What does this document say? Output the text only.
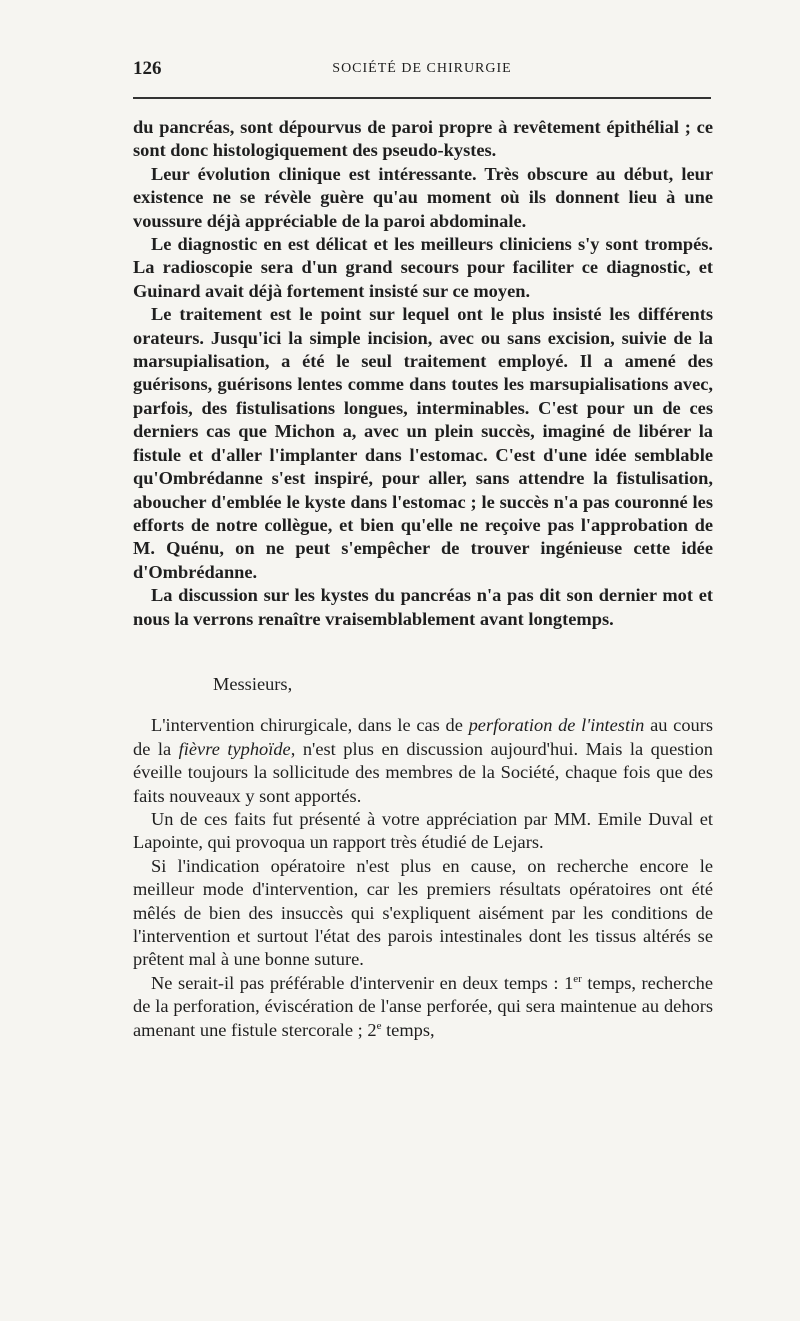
126	SOCIÉTÉ DE CHIRURGIE

du pancréas, sont dépourvus de paroi propre à revêtement épithélial ; ce sont donc histologiquement des pseudo-kystes.

Leur évolution clinique est intéressante. Très obscure au début, leur existence ne se révèle guère qu'au moment où ils donnent lieu à une voussure déjà appréciable de la paroi abdominale.

Le diagnostic en est délicat et les meilleurs cliniciens s'y sont trompés. La radioscopie sera d'un grand secours pour faciliter ce diagnostic, et Guinard avait déjà fortement insisté sur ce moyen.

Le traitement est le point sur lequel ont le plus insisté les différents orateurs. Jusqu'ici la simple incision, avec ou sans excision, suivie de la marsupialisation, a été le seul traitement employé. Il a amené des guérisons, guérisons lentes comme dans toutes les marsupialisations avec, parfois, des fistulisations longues, interminables. C'est pour un de ces derniers cas que Michon a, avec un plein succès, imaginé de libérer la fistule et d'aller l'implanter dans l'estomac. C'est d'une idée semblable qu'Ombrédanne s'est inspiré, pour aller, sans attendre la fistulisation, aboucher d'emblée le kyste dans l'estomac ; le succès n'a pas couronné les efforts de notre collègue, et bien qu'elle ne reçoive pas l'approbation de M. Quénu, on ne peut s'empêcher de trouver ingénieuse cette idée d'Ombrédanne.

La discussion sur les kystes du pancréas n'a pas dit son dernier mot et nous la verrons renaître vraisemblablement avant longtemps.

Messieurs,

L'intervention chirurgicale, dans le cas de perforation de l'intestin au cours de la fièvre typhoïde, n'est plus en discussion aujourd'hui. Mais la question éveille toujours la sollicitude des membres de la Société, chaque fois que des faits nouveaux y sont apportés.

Un de ces faits fut présenté à votre appréciation par MM. Emile Duval et Lapointe, qui provoqua un rapport très étudié de Lejars.

Si l'indication opératoire n'est plus en cause, on recherche encore le meilleur mode d'intervention, car les premiers résultats opératoires ont été mêlés de bien des insuccès qui s'expliquent aisément par les conditions de l'intervention et surtout l'état des parois intestinales dont les tissus altérés se prêtent mal à une bonne suture.

Ne serait-il pas préférable d'intervenir en deux temps : 1er temps, recherche de la perforation, éviscération de l'anse perforée, qui sera maintenue au dehors amenant une fistule stercorale ; 2e temps,
